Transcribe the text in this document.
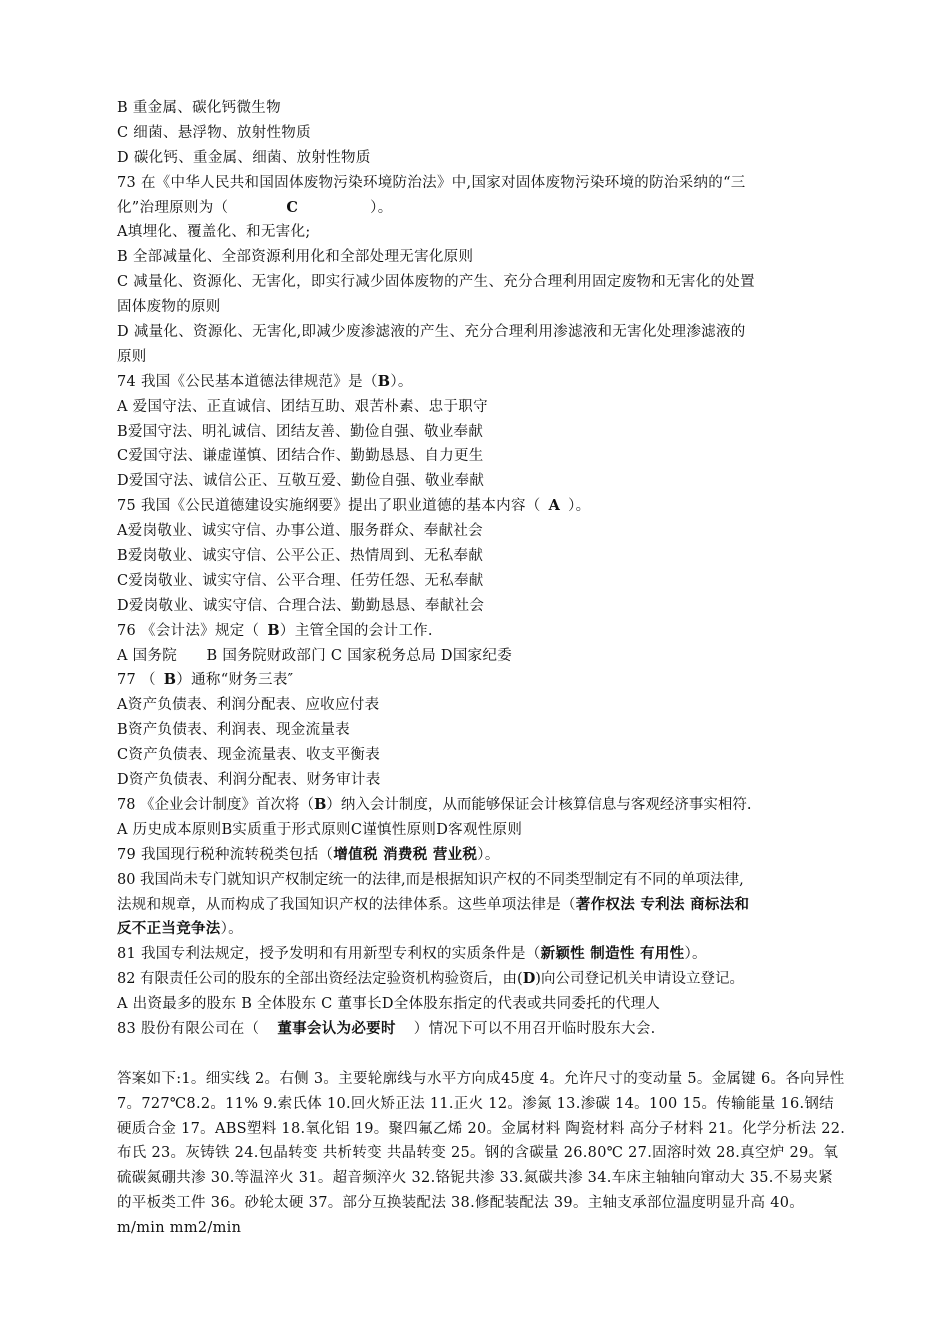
B 重金属、碳化钙微生物
C 细菌、悬浮物、放射性物质
D 碳化钙、重金属、细菌、放射性物质
73 在《中华人民共和国固体废物污染环境防治法》中,国家对固体废物污染环境的防治采纳的“三
化”治理原则为（	C	）。
A填埋化、覆盖化、和无害化;
B 全部减量化、全部资源利用化和全部处理无害化原则
C 减量化、资源化、无害化，即实行减少固体废物的产生、充分合理利用固定废物和无害化的处置
固体废物的原则
D 减量化、资源化、无害化,即减少废渗滤液的产生、充分合理利用渗滤液和无害化处理渗滤液的
原则
74 我国《公民基本道德法律规范》是（B）。
A 爱国守法、正直诚信、团结互助、艰苦朴素、忠于职守
B爱国守法、明礼诚信、团结友善、勤俭自强、敬业奉献
C爱国守法、谦虚谨慎、团结合作、勤勤恳恳、自力更生
D爱国守法、诚信公正、互敬互爱、勤俭自强、敬业奉献
75 我国《公民道德建设实施纲要》提出了职业道德的基本内容（ A ）。
A爱岗敬业、诚实守信、办事公道、服务群众、奉献社会
B爱岗敬业、诚实守信、公平公正、热情周到、无私奉献
C爱岗敬业、诚实守信、公平合理、任劳任怨、无私奉献
D爱岗敬业、诚实守信、合理合法、勤勤恳恳、奉献社会
76 《会计法》规定（ B）主管全国的会计工作.
A 国务院      B 国务院财政部门 C 国家税务总局 D国家纪委
77 （ B）通称“财务三表″
A资产负债表、利润分配表、应收应付表
B资产负债表、利润表、现金流量表
C资产负债表、现金流量表、收支平衡表
D资产负债表、利润分配表、财务审计表
78 《企业会计制度》首次将（B）纳入会计制度，从而能够保证会计核算信息与客观经济事实相符.
A 历史成本原则B实质重于形式原则C谨慎性原则D客观性原则
79 我国现行税种流转税类包括（增值税 消费税 营业税）。
80 我国尚未专门就知识产权制定统一的法律,而是根据知识产权的不同类型制定有不同的单项法律,
法规和规章，从而构成了我国知识产权的法律体系。这些单项法律是（著作权法 专利法 商标法和
反不正当竞争法）。
81 我国专利法规定，授予发明和有用新型专利权的实质条件是（新颖性 制造性 有用性）。
82 有限责任公司的股东的全部出资经法定验资机构验资后，由(D)向公司登记机关申请设立登记。
A 出资最多的股东 B 全体股东 C 董事长D全体股东指定的代表或共同委托的代理人
83 股份有限公司在（ 董事会认为必要时 ）情况下可以不用召开临时股东大会.
答案如下:1。细实线 2。右侧 3。主要轮廓线与水平方向成45度 4。允许尺寸的变动量 5。金属键 6。各向异性 7。727℃8.2。11% 9.索氏体 10.回火矫正法 11.正火 12。渗氮 13.渗碳 14。100 15。传输能量 16.钢结硬质合金 17。ABS塑料 18.氧化铝 19。聚四氟乙烯 20。金属材料 陶瓷材料 高分子材料 21。化学分析法 22.布氏 23。灰铸铁 24.包晶转变 共析转变 共晶转变 25。钢的含碳量 26.80℃ 27.固溶时效 28.真空炉 29。氧硫碳氮硼共渗 30.等温淬火 31。超音频淬火 32.铬铌共渗 33.氮碳共渗 34.车床主轴轴向窜动大 35.不易夹紧的平板类工件 36。砂轮太硬 37。部分互换装配法 38.修配装配法 39。主轴支承部位温度明显升高 40。m/min mm2/min
